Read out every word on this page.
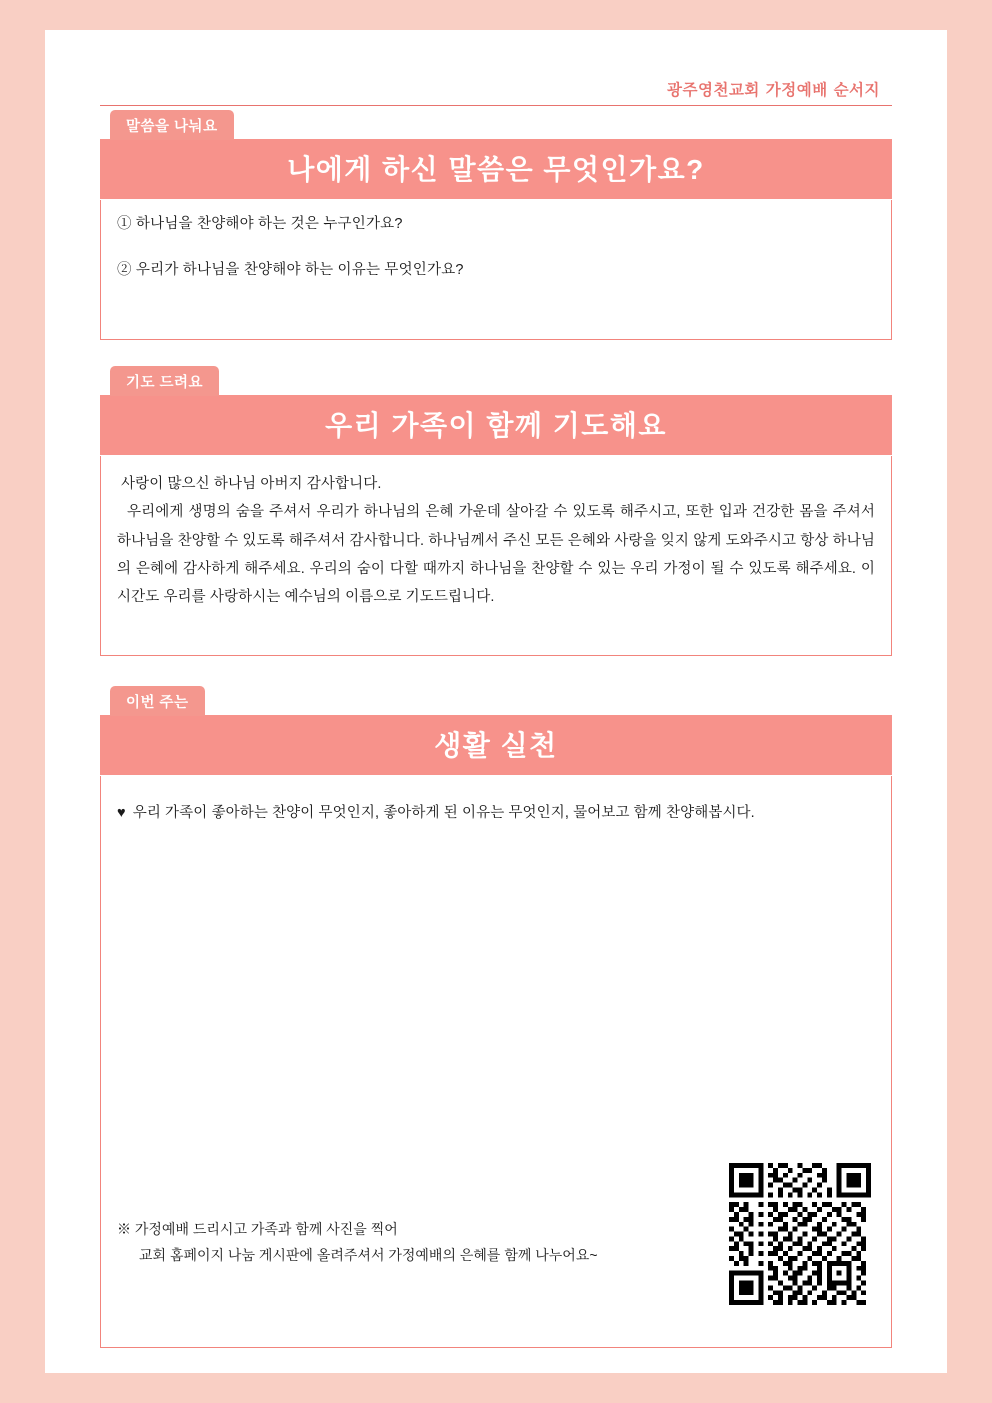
광주영천교회 가정예배 순서지
말씀을 나눠요
나에게 하신 말씀은 무엇인가요?
① 하나님을 찬양해야 하는 것은 누구인가요?
② 우리가 하나님을 찬양해야 하는 이유는 무엇인가요?
기도 드려요
우리 가족이 함께 기도해요

사랑이 많으신 하나님 아버지 감사합니다.

우리에게 생명의 숨을 주셔서 우리가 하나님의 은혜 가운데 살아갈 수 있도록 해주시고, 또한 입과 건강한 몸을 주셔서 하나님을 찬양할 수 있도록 해주셔서 감사합니다. 하나님께서 주신 모든 은혜와 사랑을 잊지 않게 도와주시고 항상 하나님의 은혜에 감사하게 해주세요. 우리의 숨이 다할 때까지 하나님을 찬양할 수 있는 우리 가정이 될 수 있도록 해주세요. 이 시간도 우리를 사랑하시는 예수님의 이름으로 기도드립니다.

이번 주는
생활 실천
♥ 우리 가족이 좋아하는 찬양이 무엇인지, 좋아하게 된 이유는 무엇인지, 물어보고 함께 찬양해봅시다.
※ 가정예배 드리시고 가족과 함께 사진을 찍어
교회 홈페이지 나눔 게시판에 올려주셔서 가정예배의 은혜를 함께 나누어요~
